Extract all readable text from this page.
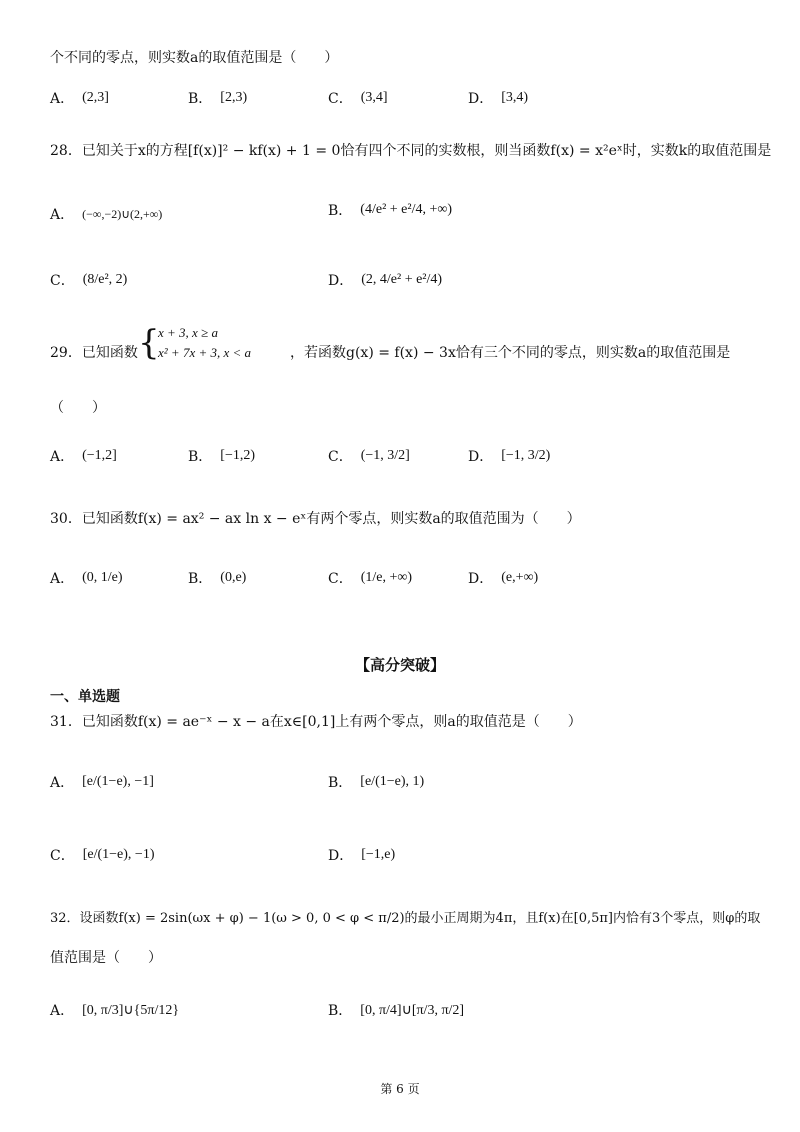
个不同的零点，则实数a的取值范围是（　　）
A． (2,3]	B． [2,3)	C． (3,4]	D． [3,4)
28．已知关于x的方程[f(x)]² − kf(x) + 1 = 0恰有四个不同的实数根，则当函数f(x) = x²eˣ时，实数k的取值范围是
A． (−∞,−2)∪(2,+∞)	B． (4/e² + e²/4, +∞)
C． (8/e², 2)	D． (2, 4/e² + e²/4)
29．已知函数 {
x + 3, x ≥ a
x² + 7x + 3, x < a	，若函数g(x) = f(x) − 3x恰有三个不同的零点，则实数a的取值范围是
（　　）
A． (−1,2]	B． [−1,2)	C． (−1, 3/2]	D． [−1, 3/2)
30．已知函数f(x) = ax² − ax ln x − eˣ有两个零点，则实数a的取值范围为（　　）
A． (0, 1/e)	B． (0,e)	C． (1/e, +∞)	D． (e,+∞)
【高分突破】
一、单选题
31．已知函数f(x) = ae⁻ˣ − x − a在x∈[0,1]上有两个零点，则a的取值范是（　　）
A． [e/(1−e), −1]	B． [e/(1−e), 1)
C． [e/(1−e), −1)	D． [−1,e)
32．设函数f(x) = 2sin(ωx + φ) − 1(ω > 0, 0 < φ < π/2)的最小正周期为4π，且f(x)在[0,5π]内恰有3个零点，则φ的取
值范围是（　　）
A． [0, π/3]∪{5π/12}	B． [0, π/4]∪[π/3, π/2]
第 6 页
